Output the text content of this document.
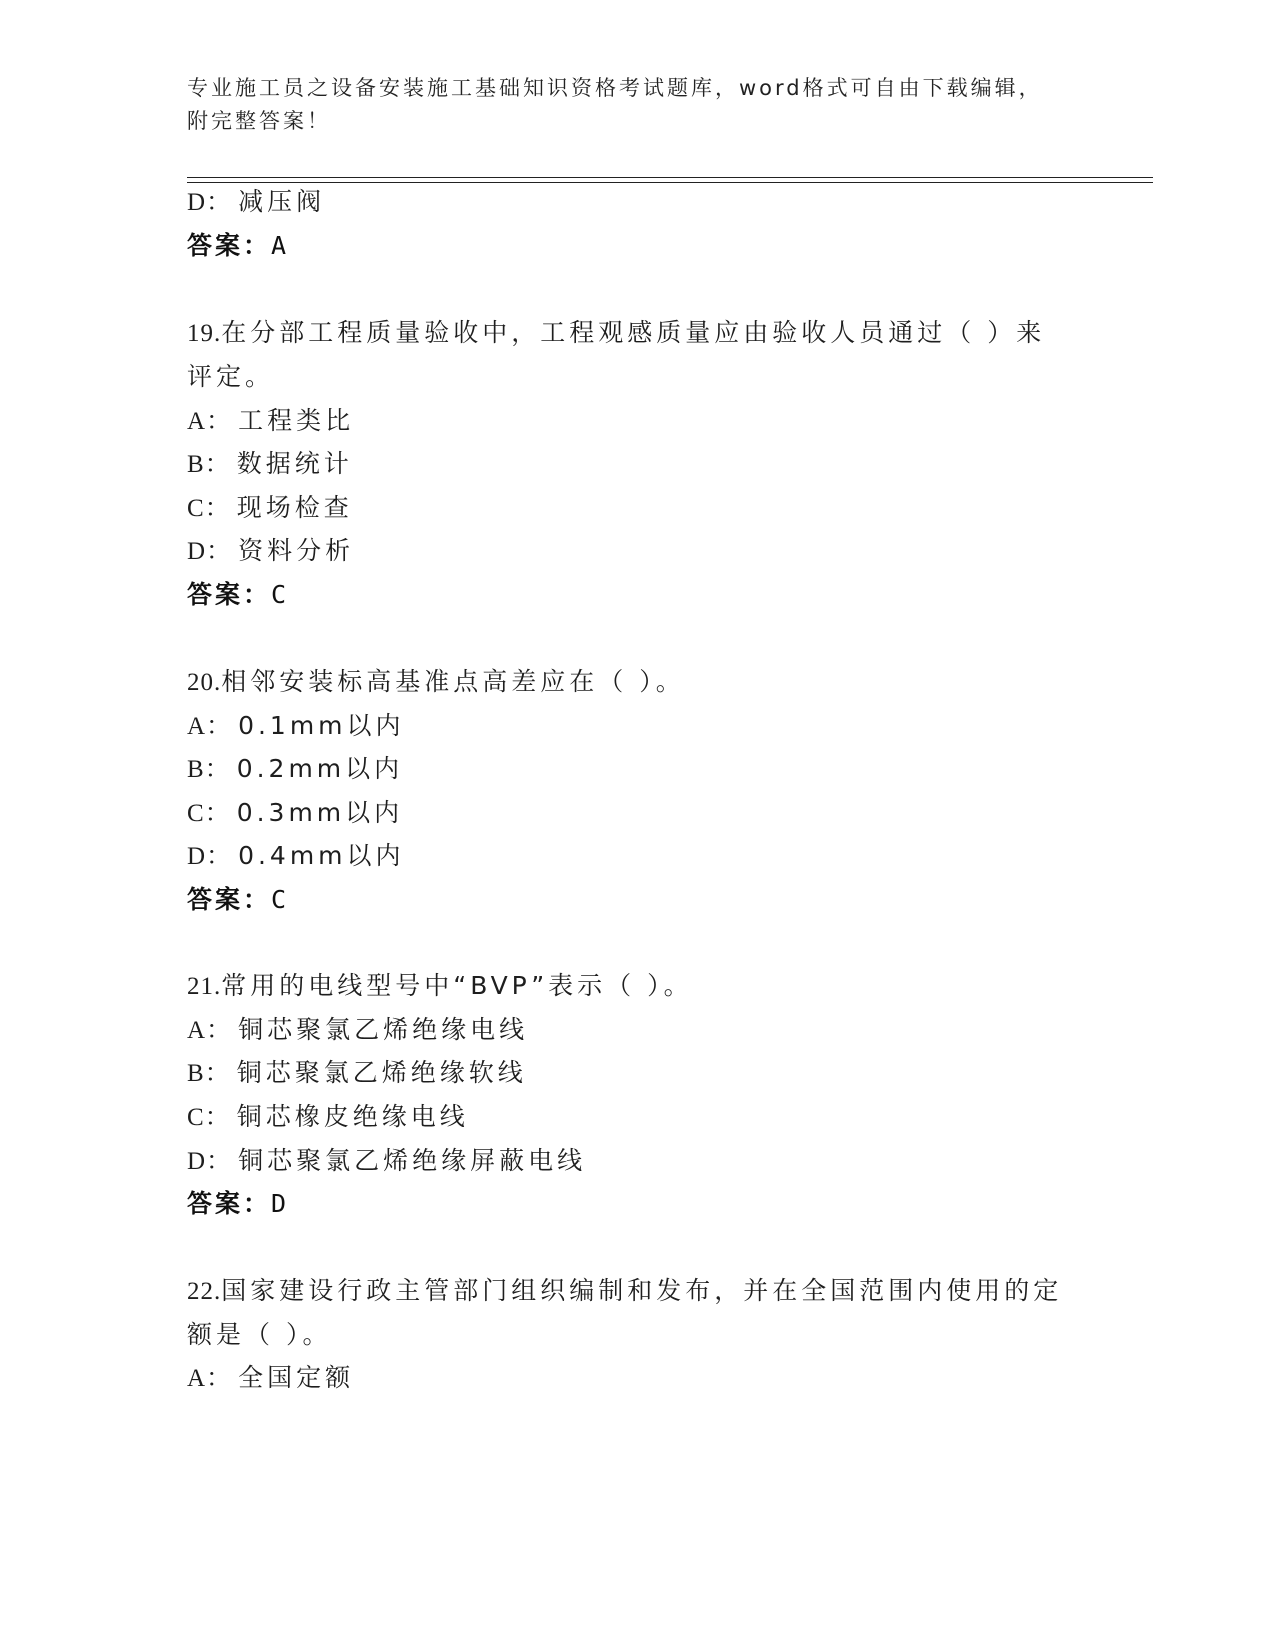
专业施工员之设备安装施工基础知识资格考试题库，word格式可自由下载编辑，
附完整答案！
D： 减压阀
答案：A
19.在分部工程质量验收中，工程观感质量应由验收人员通过（ ）来
评定。
A： 工程类比
B： 数据统计
C： 现场检查
D： 资料分析
答案：C
20.相邻安装标高基准点高差应在（ ）。
A： 0.1mm以内
B： 0.2mm以内
C： 0.3mm以内
D： 0.4mm以内
答案：C
21.常用的电线型号中“BVP”表示（ ）。
A： 铜芯聚氯乙烯绝缘电线
B： 铜芯聚氯乙烯绝缘软线
C： 铜芯橡皮绝缘电线
D： 铜芯聚氯乙烯绝缘屏蔽电线
答案：D
22.国家建设行政主管部门组织编制和发布，并在全国范围内使用的定
额是（ ）。
A： 全国定额
